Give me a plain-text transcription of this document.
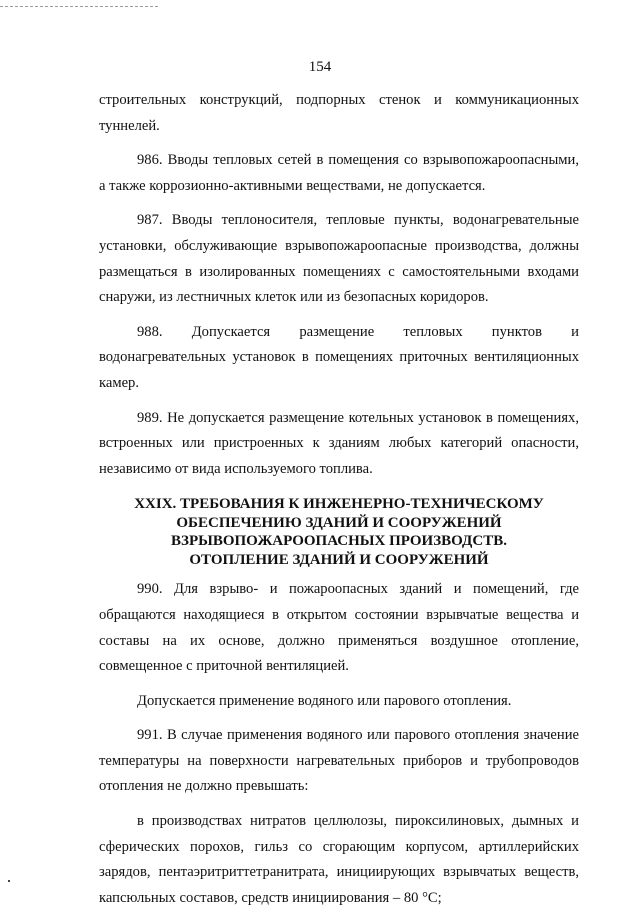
154

строительных конструкций, подпорных стенок и коммуникационных туннелей.

986. Вводы тепловых сетей в помещения со взрывопожароопасными, а также коррозионно-активными веществами, не допускается.

987. Вводы теплоносителя, тепловые пункты, водонагревательные установки, обслуживающие взрывопожароопасные производства, должны размещаться в изолированных помещениях с самостоятельными входами снаружи, из лестничных клеток или из безопасных коридоров.

988. Допускается размещение тепловых пунктов и водонагревательных установок в помещениях приточных вентиляционных камер.

989. Не допускается размещение котельных установок в помещениях, встроенных или пристроенных к зданиям любых категорий опасности, независимо от вида используемого топлива.

XXIX. ТРЕБОВАНИЯ К ИНЖЕНЕРНО-ТЕХНИЧЕСКОМУ
ОБЕСПЕЧЕНИЮ ЗДАНИЙ И СООРУЖЕНИЙ
ВЗРЫВОПОЖАРООПАСНЫХ ПРОИЗВОДСТВ.
ОТОПЛЕНИЕ ЗДАНИЙ И СООРУЖЕНИЙ

990. Для взрыво- и пожароопасных зданий и помещений, где обращаются находящиеся в открытом состоянии взрывчатые вещества и составы на их основе, должно применяться воздушное отопление, совмещенное с приточной вентиляцией.

Допускается применение водяного или парового отопления.

991. В случае применения водяного или парового отопления значение температуры на поверхности нагревательных приборов и трубопроводов отопления не должно превышать:

в производствах нитратов целлюлозы, пироксилиновых, дымных и сферических порохов, гильз со сгорающим корпусом, артиллерийских зарядов, пентаэритриттетранитрата, инициирующих взрывчатых веществ, капсюльных составов, средств инициирования – 80 °С;
